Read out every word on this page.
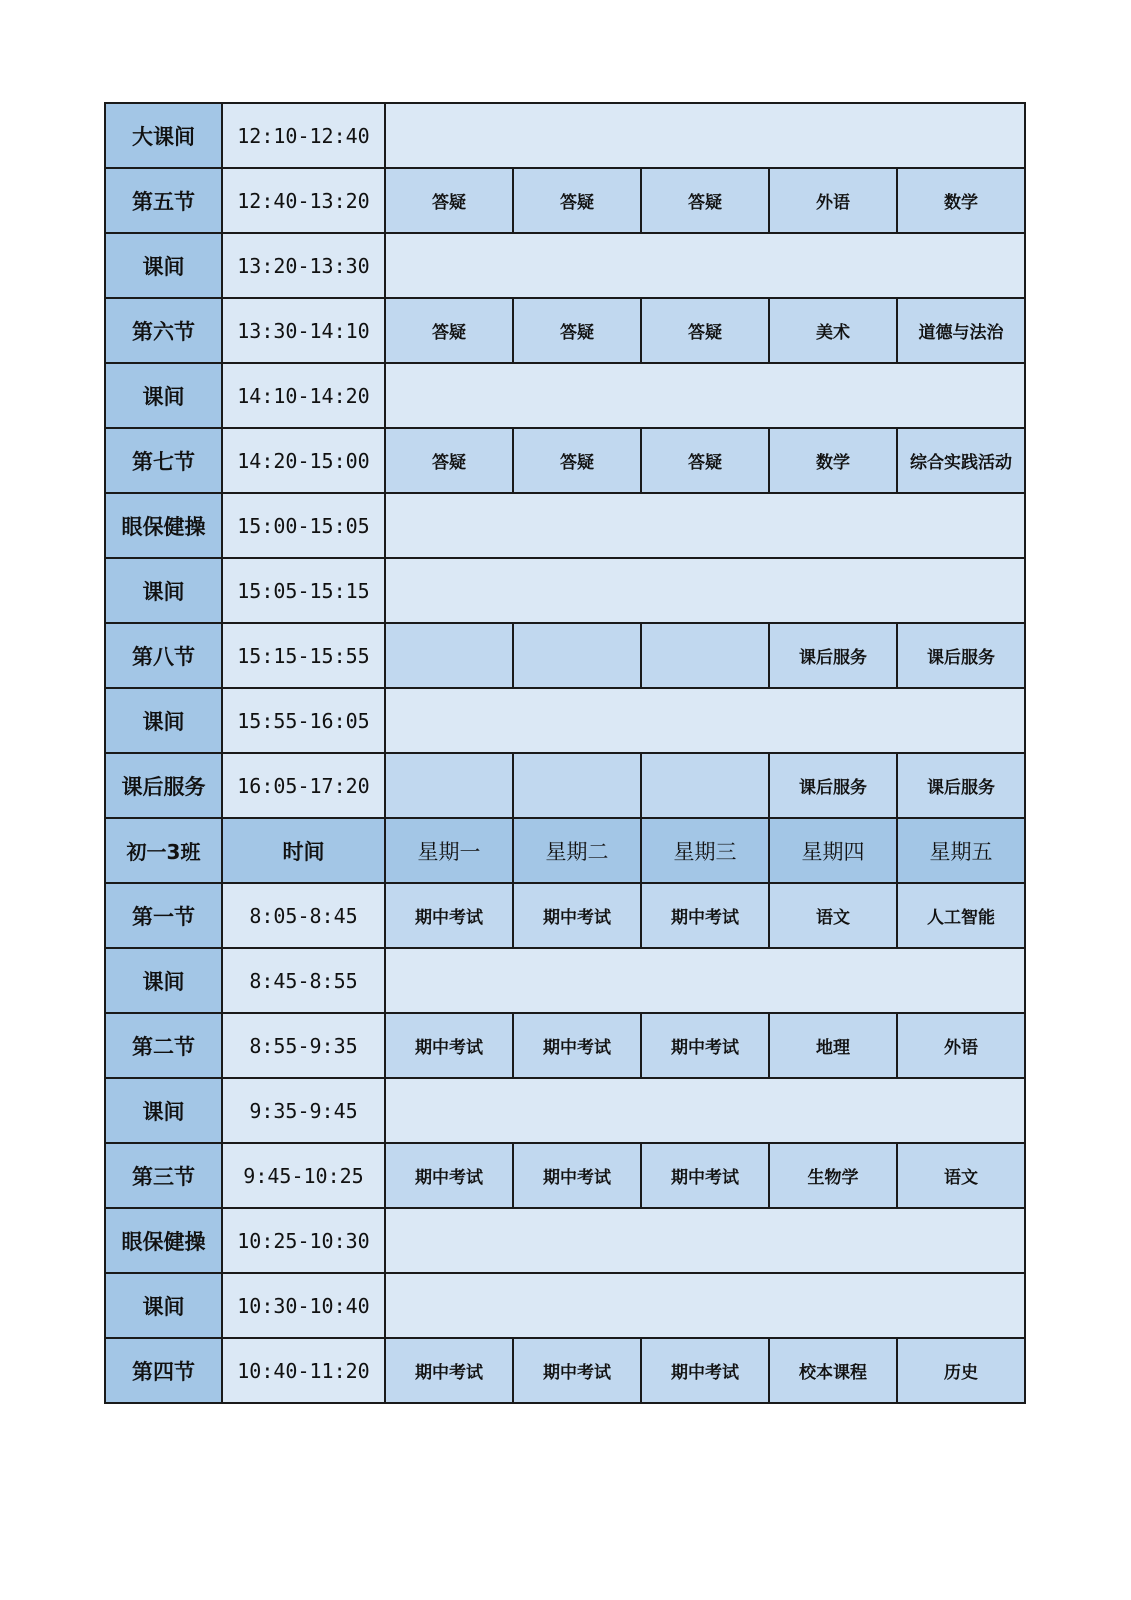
大课间	12:10-12:40					
第五节	12:40-13:20	答疑	答疑	答疑	外语	数学
课间	13:20-13:30					
第六节	13:30-14:10	答疑	答疑	答疑	美术	道德与法治
课间	14:10-14:20					
第七节	14:20-15:00	答疑	答疑	答疑	数学	综合实践活动
眼保健操	15:00-15:05					
课间	15:05-15:15					
第八节	15:15-15:55				课后服务	课后服务
课间	15:55-16:05					
课后服务	16:05-17:20				课后服务	课后服务
初一3班	时间	星期一	星期二	星期三	星期四	星期五
第一节	8:05-8:45	期中考试	期中考试	期中考试	语文	人工智能
课间	8:45-8:55					
第二节	8:55-9:35	期中考试	期中考试	期中考试	地理	外语
课间	9:35-9:45					
第三节	9:45-10:25	期中考试	期中考试	期中考试	生物学	语文
眼保健操	10:25-10:30					
课间	10:30-10:40					
第四节	10:40-11:20	期中考试	期中考试	期中考试	校本课程	历史
